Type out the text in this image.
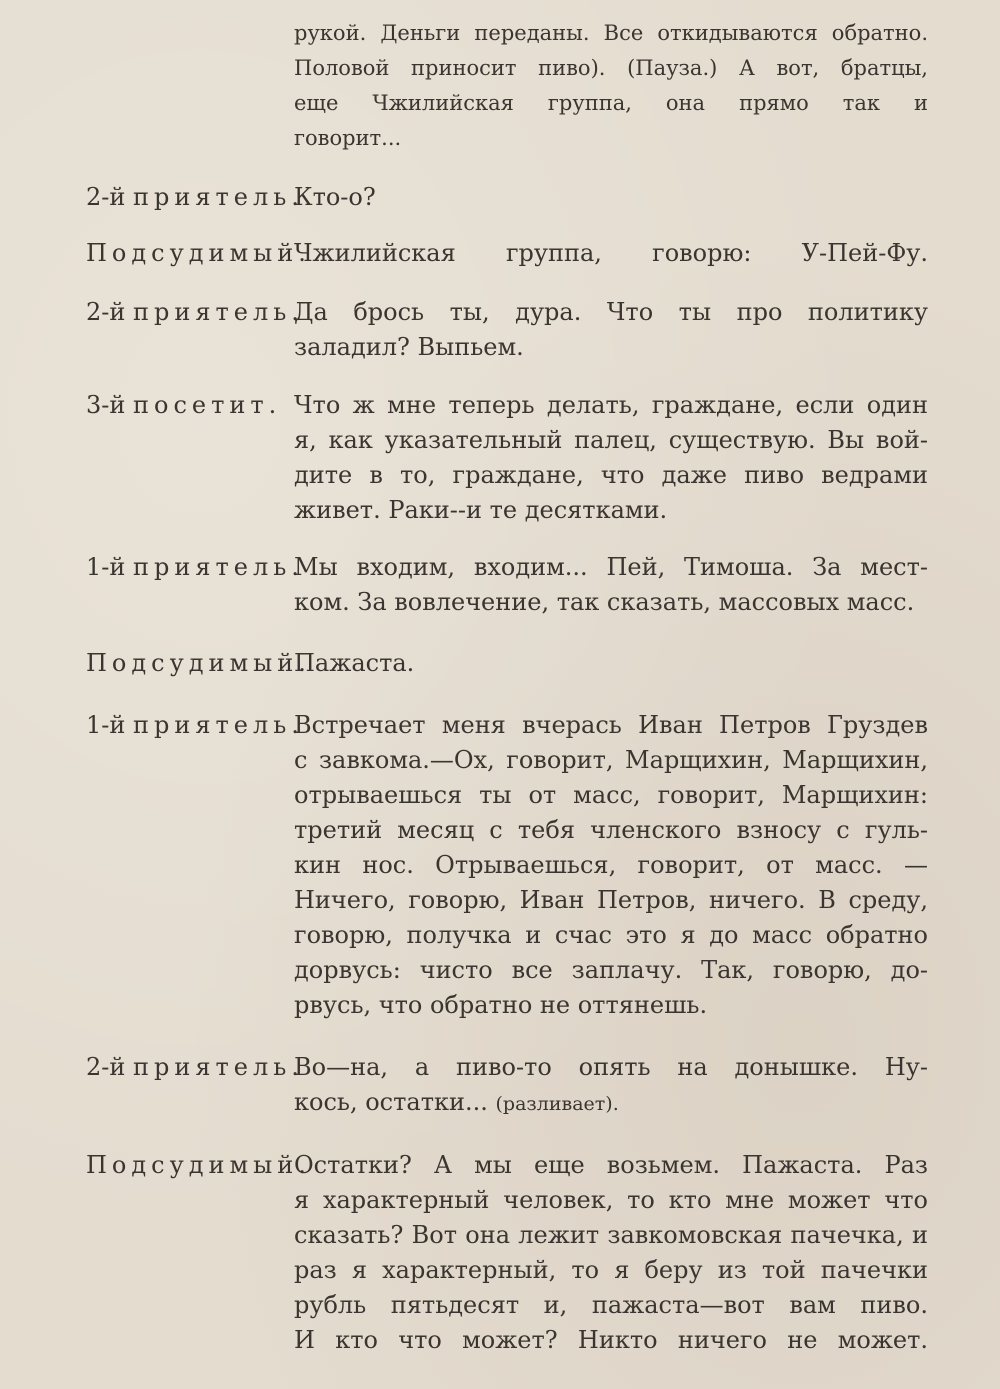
рукой. Деньги переданы. Все откидываются обратно.
Половой приносит пиво). (Пауза.) А вот, братцы,
еще Чжилийская группа, она прямо так и
говорит...
2-й приятель.
Кто-о?
Подсудимый.
Чжилийская группа, говорю: У-Пей-Фу.
2-й приятель.
Да брось ты, дура. Что ты про политику
заладил? Выпьем.
3-й посетит. Что ж мне теперь делать, граждане, если один
я, как указательный палец, существую. Вы вой-
дите в то, граждане, что даже пиво ведрами
живет. Раки--и те десятками.
1-й приятель.
Мы входим, входим... Пей, Тимоша. За мест-
ком. За вовлечение, так сказать, массовых масс.
Подсудимый.
Пажаста.
1-й приятель.
Встречает меня вчерась Иван Петров Груздев
с завкома.—Ох, говорит, Марщихин, Марщихин,
отрываешься ты от масс, говорит, Марщихин:
третий месяц с тебя членского взносу с гуль-
кин нос. Отрываешься, говорит, от масс. —
Ничего, говорю, Иван Петров, ничего. В среду,
говорю, получка и счас это я до масс обратно
дорвусь: чисто все заплачу. Так, говорю, до-
рвусь, что обратно не оттянешь.
2-й приятель.
Во—на, а пиво-то опять на донышке. Ну-
кось, остатки... (разливает).
Подсудимый.
Остатки? А мы еще возьмем. Пажаста. Раз
я характерный человек, то кто мне может что
сказать? Вот она лежит завкомовская пачечка, и
раз я характерный, то я беру из той пачечки
рубль пятьдесят и, пажаста—вот вам пиво.
И кто что может? Никто ничего не может.
